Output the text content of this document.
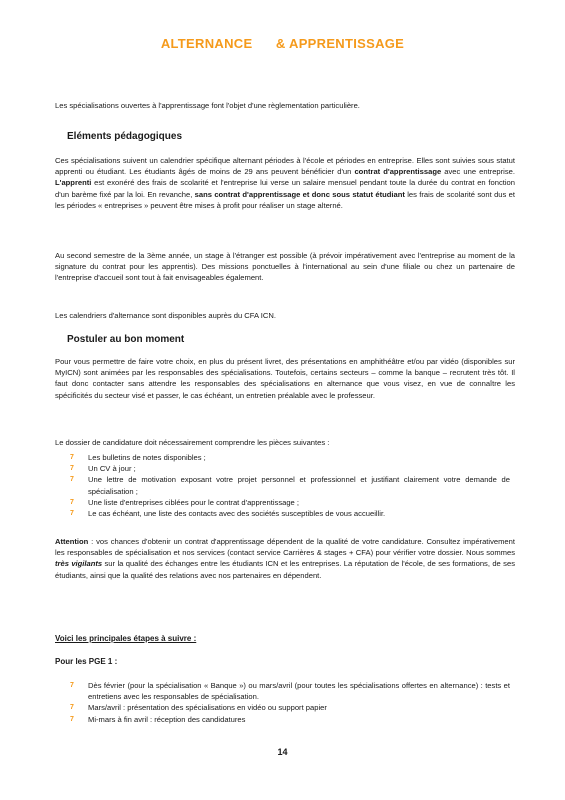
ALTERNANCE      & APPRENTISSAGE

Les spécialisations ouvertes à l'apprentissage font l'objet d'une règlementation particulière.

Eléments pédagogiques

Ces spécialisations suivent un calendrier spécifique alternant périodes à l'école et périodes en entreprise. Elles sont suivies sous statut apprenti ou étudiant. Les étudiants âgés de moins de 29 ans peuvent bénéficier d'un contrat d'apprentissage avec une entreprise. L'apprenti est exonéré des frais de scolarité et l'entreprise lui verse un salaire mensuel pendant toute la durée du contrat en fonction d'un barème fixé par la loi. En revanche, sans contrat d'apprentissage et donc sous statut étudiant les frais de scolarité sont dus et les périodes « entreprises » peuvent être mises à profit pour réaliser un stage alterné.

Au second semestre de la 3ème année, un stage à l'étranger est possible (à prévoir impérativement avec l'entreprise au moment de la signature du contrat pour les apprentis). Des missions ponctuelles à l'international au sein d'une filiale ou chez un partenaire de l'entreprise d'accueil sont tout à fait envisageables également.

Les calendriers d'alternance sont disponibles auprès du CFA ICN.

Postuler au bon moment

Pour vous permettre de faire votre choix, en plus du présent livret, des présentations en amphithéâtre et/ou par vidéo (disponibles sur MyICN) sont animées par les responsables des spécialisations. Toutefois, certains secteurs – comme la banque – recrutent très tôt. Il faut donc contacter sans attendre les responsables des spécialisations en alternance que vous visez, en vue de connaître les spécificités du secteur visé et passer, le cas échéant, un entretien préalable avec le professeur.

Le dossier de candidature doit nécessairement comprendre les pièces suivantes :

7 Les bulletins de notes disponibles ;
7 Un CV à jour ;
7 Une lettre de motivation exposant votre projet personnel et professionnel et justifiant clairement votre demande de spécialisation ;
7 Une liste d'entreprises ciblées pour le contrat d'apprentissage ;
7 Le cas échéant, une liste des contacts avec des sociétés susceptibles de vous accueillir.

Attention : vos chances d'obtenir un contrat d'apprentissage dépendent de la qualité de votre candidature. Consultez impérativement les responsables de spécialisation et nos services (contact service Carrières & stages + CFA) pour vérifier votre dossier. Nous sommes très vigilants sur la qualité des échanges entre les étudiants ICN et les entreprises. La réputation de l'école, de ses formations, de ses étudiants, ainsi que la qualité des relations avec nos partenaires en dépendent.

Voici les principales étapes à suivre :

Pour les PGE 1 :

7 Dès février (pour la spécialisation « Banque ») ou mars/avril (pour toutes les spécialisations offertes en alternance) : tests et entretiens avec les responsables de spécialisation.
7 Mars/avril : présentation des spécialisations en vidéo ou support papier
7 Mi-mars à fin avril : réception des candidatures
14
